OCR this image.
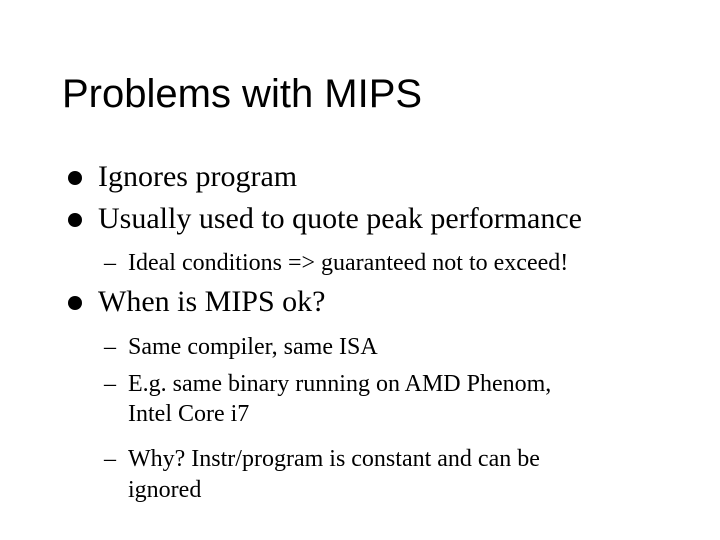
Problems with MIPS
Ignores program
Usually used to quote peak performance
– Ideal conditions => guaranteed not to exceed!
When is MIPS ok?
– Same compiler, same ISA
– E.g. same binary running on AMD Phenom,
Intel Core i7
– Why? Instr/program is constant and can be
ignored
